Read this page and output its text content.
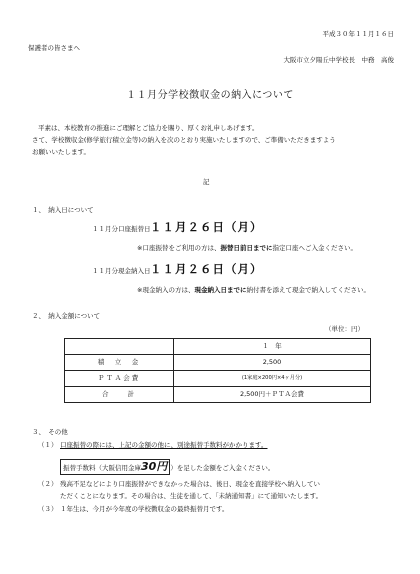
平成３０年１１月１６日
保護者の皆さまへ
大阪市立夕陽丘中学校長　中務　高俊
１１月分学校徴収金の納入について
平素は、本校教育の推進にご理解とご協力を賜り、厚くお礼申しあげます。
さて、学校徴収金(修学旅行積立金等)の納入を次のとおり実施いたしますので、ご準備いただきますよう
お願いいたします。
記
１、　納入日について
１１月分口座振替日 １１月２６日（月）
※口座振替をご利用の方は、振替日前日までに指定口座へご入金ください。
１１月分現金納入日 １１月２６日（月）
※現金納入の方は、現金納入日までに納付書を添えて現金で納入してください。
２、　納入金額について
（単位：円）
	１　年
積　立　金	2,500
ＰＴＡ会費	(1家庭×200円×4ヶ月分)
合　　計	2,500円＋ＰＴＡ会費
３、　その他
（１） 口座振替の際には、上記の金額の他に、別途振替手数料がかかります。
振替手数料（大阪信用金庫30円 ）を足した金額をご入金ください。
（２） 残高不足などにより口座振替ができなかった場合は、後日、現金を直接学校へ納入してい
ただくことになります。その場合は、生徒を通して、「未納通知書」にて通知いたします。
（３） １年生は、今月が今年度の学校徴収金の最終振替月です。
